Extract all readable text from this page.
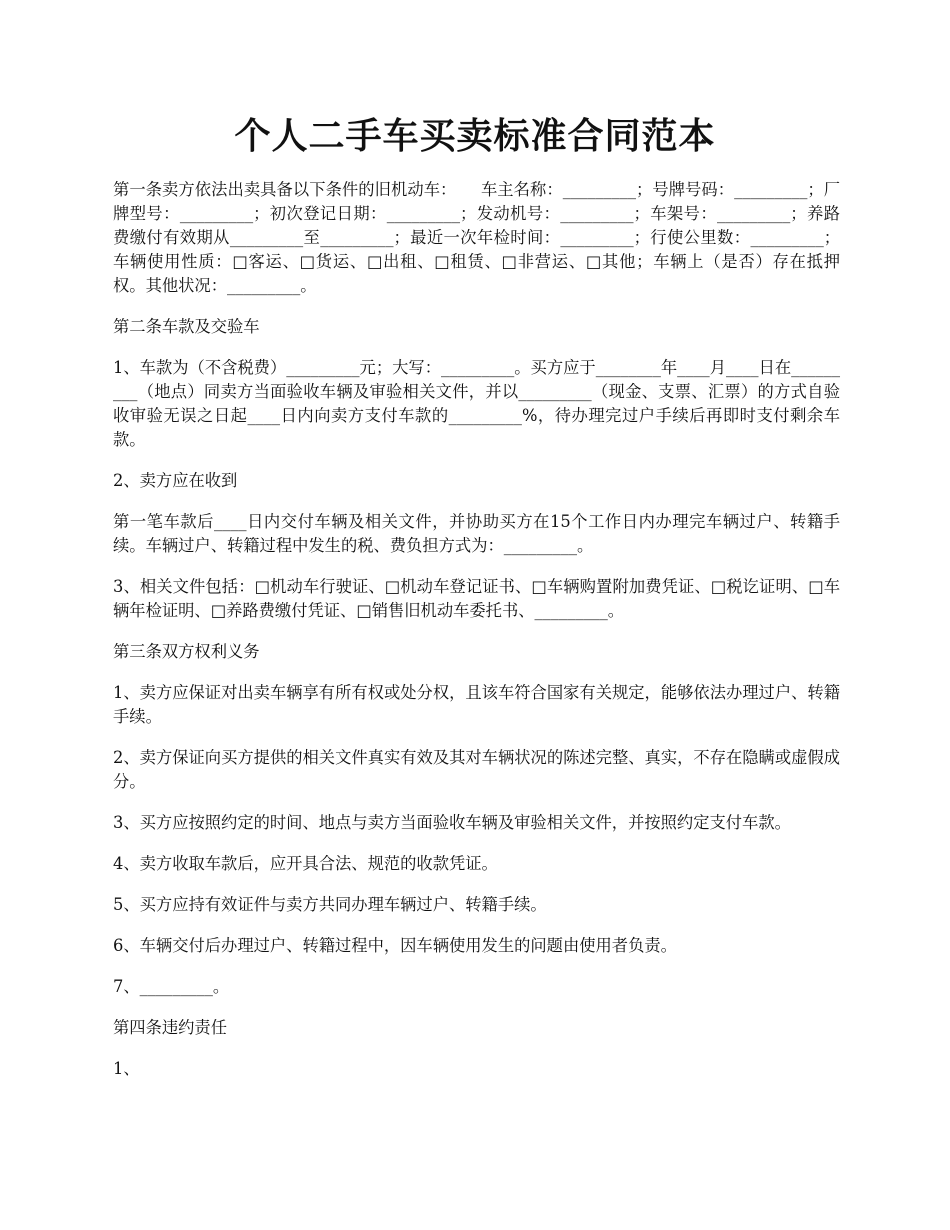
个人二手车买卖标准合同范本

第一条卖方依法出卖具备以下条件的旧机动车：　　车主名称：_________；号牌号码：_________；厂牌型号：_________；初次登记日期：_________；发动机号：_________；车架号：_________；养路费缴付有效期从_________至_________；最近一次年检时间：_________；行使公里数：_________；车辆使用性质：□客运、□货运、□出租、□租赁、□非营运、□其他；车辆上（是否）存在抵押权。其他状况：_________。

第二条车款及交验车

1、车款为（不含税费）_________元；大写：_________。买方应于________年____月____日在_________（地点）同卖方当面验收车辆及审验相关文件，并以_________（现金、支票、汇票）的方式自验收审验无误之日起____日内向卖方支付车款的_________%，待办理完过户手续后再即时支付剩余车款。

2、卖方应在收到

第一笔车款后____日内交付车辆及相关文件，并协助买方在15个工作日内办理完车辆过户、转籍手续。车辆过户、转籍过程中发生的税、费负担方式为：_________。

3、相关文件包括：□机动车行驶证、□机动车登记证书、□车辆购置附加费凭证、□税讫证明、□车辆年检证明、□养路费缴付凭证、□销售旧机动车委托书、_________。

第三条双方权利义务

1、卖方应保证对出卖车辆享有所有权或处分权，且该车符合国家有关规定，能够依法办理过户、转籍手续。

2、卖方保证向买方提供的相关文件真实有效及其对车辆状况的陈述完整、真实，不存在隐瞒或虚假成分。

3、买方应按照约定的时间、地点与卖方当面验收车辆及审验相关文件，并按照约定支付车款。

4、卖方收取车款后，应开具合法、规范的收款凭证。

5、买方应持有效证件与卖方共同办理车辆过户、转籍手续。

6、车辆交付后办理过户、转籍过程中，因车辆使用发生的问题由使用者负责。

7、_________。

第四条违约责任

1、
